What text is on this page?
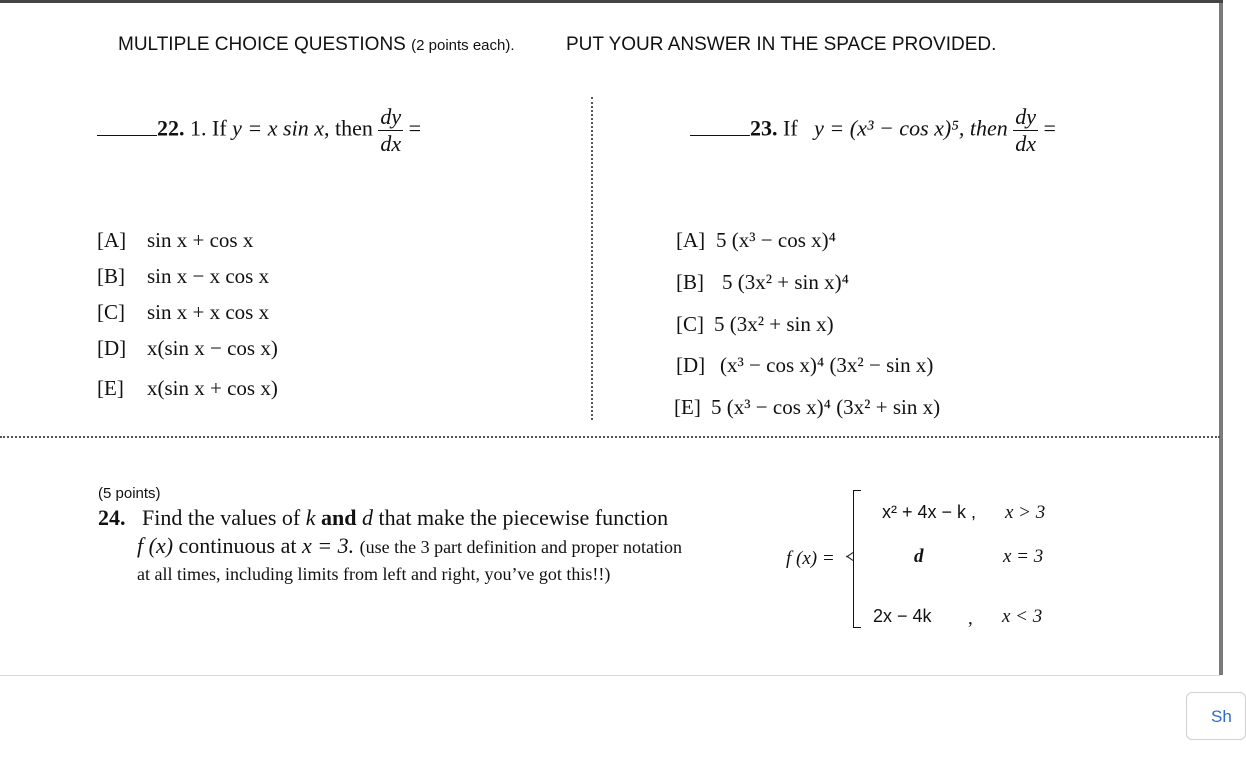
MULTIPLE CHOICE QUESTIONS (2 points each).	PUT YOUR ANSWER IN THE SPACE PROVIDED.
22. 1. If y = x sin x, then $\frac{dy}{dx}$ =
[A] sin x + cos x
[B] sin x − x cos x
[C] sin x + x cos x
[D] x(sin x − cos x)
[E] x(sin x + cos x)
23. If y = (x³ − cos x)⁵, then $\frac{dy}{dx}$ =
[A] 5 (x³ − cos x)⁴
[B] 5 (3x² + sin x)⁴
[C] 5 (3x² + sin x)
[D] (x³ − cos x)⁴ (3x² − sin x)
[E] 5 (x³ − cos x)⁴ (3x² + sin x)
(5 points)
24. Find the values of k and d that make the piecewise function
f (x) continuous at x = 3. (use the 3 part definition and proper notation
at all times, including limits from left and right, you’ve got this!!)
f (x) =
x² + 4x − k , x > 3
d	x = 3
2x − 4k , x < 3
Sh
